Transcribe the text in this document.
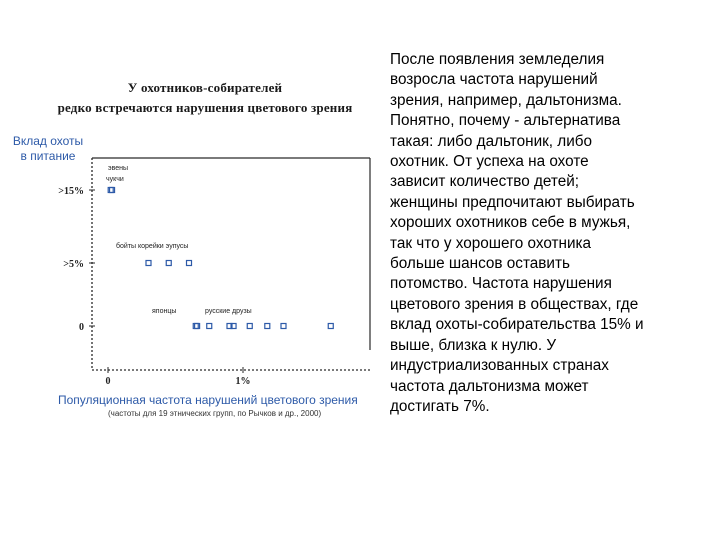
У охотников-собирателей
редко встречаются нарушения цветового зрения
Вклад охоты
в питание
>15%
>5%
0
0	1%
эвены
чукчи
бойты корейки эупусы
японцы	русские друзы
Популяционная частота нарушений цветового зрения
(частоты для 19 этнических групп, по Рычков и др., 2000)
После появления земледелия
возросла частота нарушений
зрения, например, дальтонизма.
Понятно, почему - альтернатива
такая: либо дальтоник, либо
охотник. От успеха на охоте
зависит количество детей;
женщины предпочитают выбирать
хороших охотников себе в мужья,
так что у хорошего охотника
больше шансов оставить
потомство. Частота нарушения
цветового зрения в обществах, где
вклад охоты-собирательства 15% и
выше, близка к нулю. У
индустриализованных странах
частота дальтонизма может
достигать 7%.
